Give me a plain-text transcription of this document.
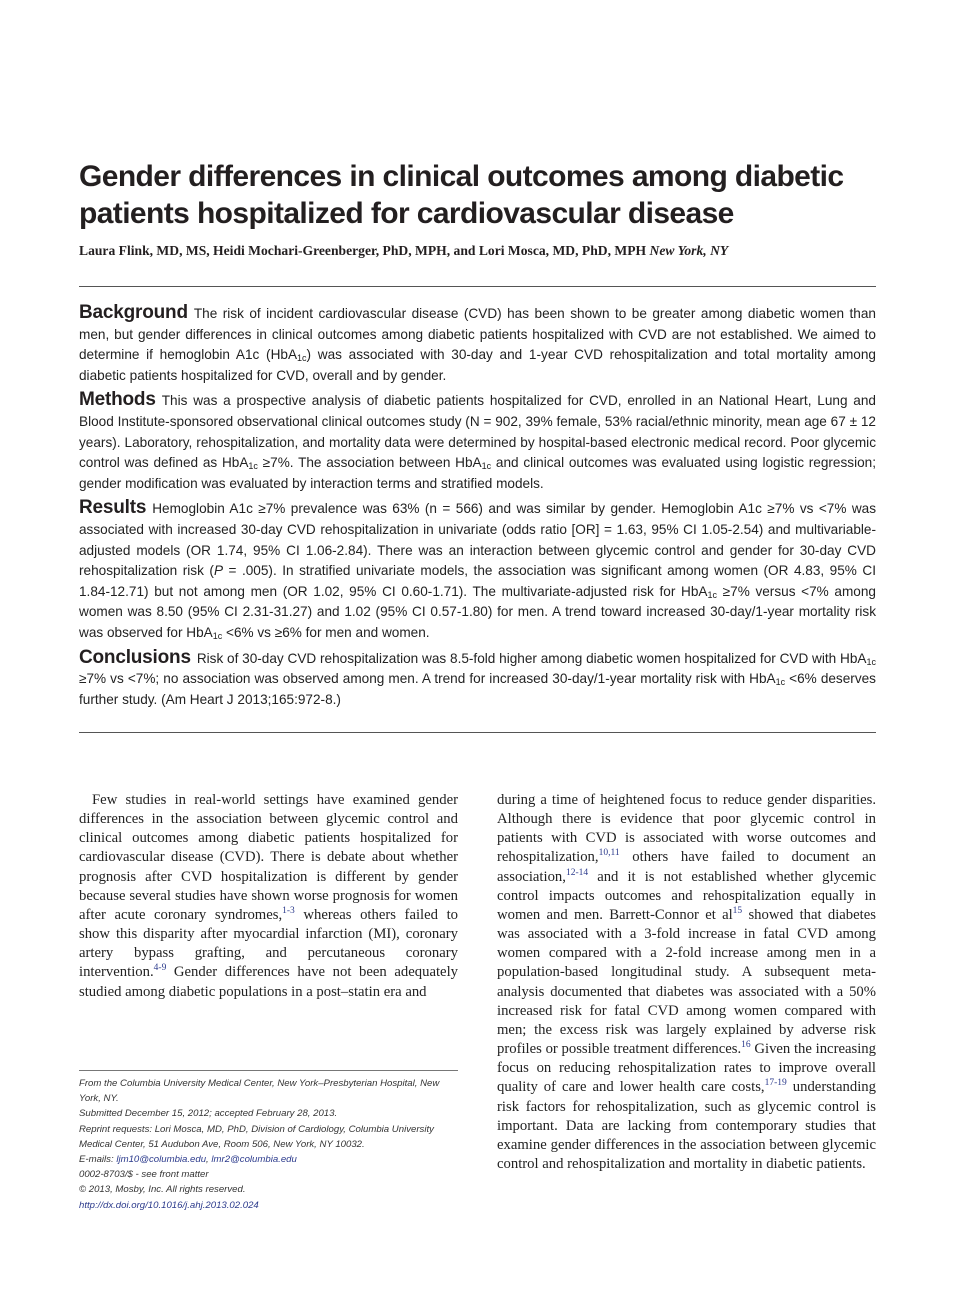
Gender differences in clinical outcomes among diabetic patients hospitalized for cardiovascular disease

Laura Flink, MD, MS, Heidi Mochari-Greenberger, PhD, MPH, and Lori Mosca, MD, PhD, MPH New York, NY

Background The risk of incident cardiovascular disease (CVD) has been shown to be greater among diabetic women than men, but gender differences in clinical outcomes among diabetic patients hospitalized with CVD are not established. We aimed to determine if hemoglobin A1c (HbA$_{1c}$) was associated with 30-day and 1-year CVD rehospitalization and total mortality among diabetic patients hospitalized for CVD, overall and by gender.

Methods This was a prospective analysis of diabetic patients hospitalized for CVD, enrolled in an National Heart, Lung and Blood Institute-sponsored observational clinical outcomes study (N = 902, 39% female, 53% racial/ethnic minority, mean age 67 ± 12 years). Laboratory, rehospitalization, and mortality data were determined by hospital-based electronic medical record. Poor glycemic control was defined as HbA$_{1c}$ ≥7%. The association between HbA$_{1c}$ and clinical outcomes was evaluated using logistic regression; gender modification was evaluated by interaction terms and stratified models.

Results Hemoglobin A1c ≥7% prevalence was 63% (n = 566) and was similar by gender. Hemoglobin A1c ≥7% vs <7% was associated with increased 30-day CVD rehospitalization in univariate (odds ratio [OR] = 1.63, 95% CI 1.05-2.54) and multivariable-adjusted models (OR 1.74, 95% CI 1.06-2.84). There was an interaction between glycemic control and gender for 30-day CVD rehospitalization risk (P = .005). In stratified univariate models, the association was significant among women (OR 4.83, 95% CI 1.84-12.71) but not among men (OR 1.02, 95% CI 0.60-1.71). The multivariate-adjusted risk for HbA$_{1c}$ ≥7% versus <7% among women was 8.50 (95% CI 2.31-31.27) and 1.02 (95% CI 0.57-1.80) for men. A trend toward increased 30-day/1-year mortality risk was observed for HbA$_{1c}$ <6% vs ≥6% for men and women.

Conclusions Risk of 30-day CVD rehospitalization was 8.5-fold higher among diabetic women hospitalized for CVD with HbA$_{1c}$ ≥7% vs <7%; no association was observed among men. A trend for increased 30-day/1-year mortality risk with HbA$_{1c}$ <6% deserves further study. (Am Heart J 2013;165:972-8.)

Few studies in real-world settings have examined gender differences in the association between glycemic control and clinical outcomes among diabetic patients hospitalized for cardiovascular disease (CVD). There is debate about whether prognosis after CVD hospitalization is different by gender because several studies have shown worse prognosis for women after acute coronary syndromes,$^{1-3}$ whereas others failed to show this disparity after myocardial infarction (MI), coronary artery bypass grafting, and percutaneous coronary intervention.$^{4-9}$ Gender differences have not been adequately studied among diabetic populations in a post–statin era and

during a time of heightened focus to reduce gender disparities. Although there is evidence that poor glycemic control in patients with CVD is associated with worse outcomes and rehospitalization,$^{10,11}$ others have failed to document an association,$^{12-14}$ and it is not established whether glycemic control impacts outcomes and rehospitalization equally in women and men. Barrett-Connor et $al^{15}$ showed that diabetes was associated with a 3-fold increase in fatal CVD among women compared with a 2-fold increase among men in a population-based longitudinal study. A subsequent meta-analysis documented that diabetes was associated with a 50% increased risk for fatal CVD among women compared with men; the excess risk was largely explained by adverse risk profiles or possible treatment differences.$^{16}$ Given the increasing focus on reducing rehospitalization rates to improve overall quality of care and lower health care costs,$^{17-19}$ understanding risk factors for rehospitalization, such as glycemic control is important. Data are lacking from contemporary studies that examine gender differences in the association between glycemic control and rehospitalization and mortality in diabetic patients.

From the Columbia University Medical Center, New York–Presbyterian Hospital, New York, NY.
Submitted December 15, 2012; accepted February 28, 2013.
Reprint requests: Lori Mosca, MD, PhD, Division of Cardiology, Columbia University Medical Center, 51 Audubon Ave, Room 506, New York, NY 10032.
E-mails: ljm10@columbia.edu, lmr2@columbia.edu
0002-8703/$ - see front matter
© 2013, Mosby, Inc. All rights reserved.
http://dx.doi.org/10.1016/j.ahj.2013.02.024
